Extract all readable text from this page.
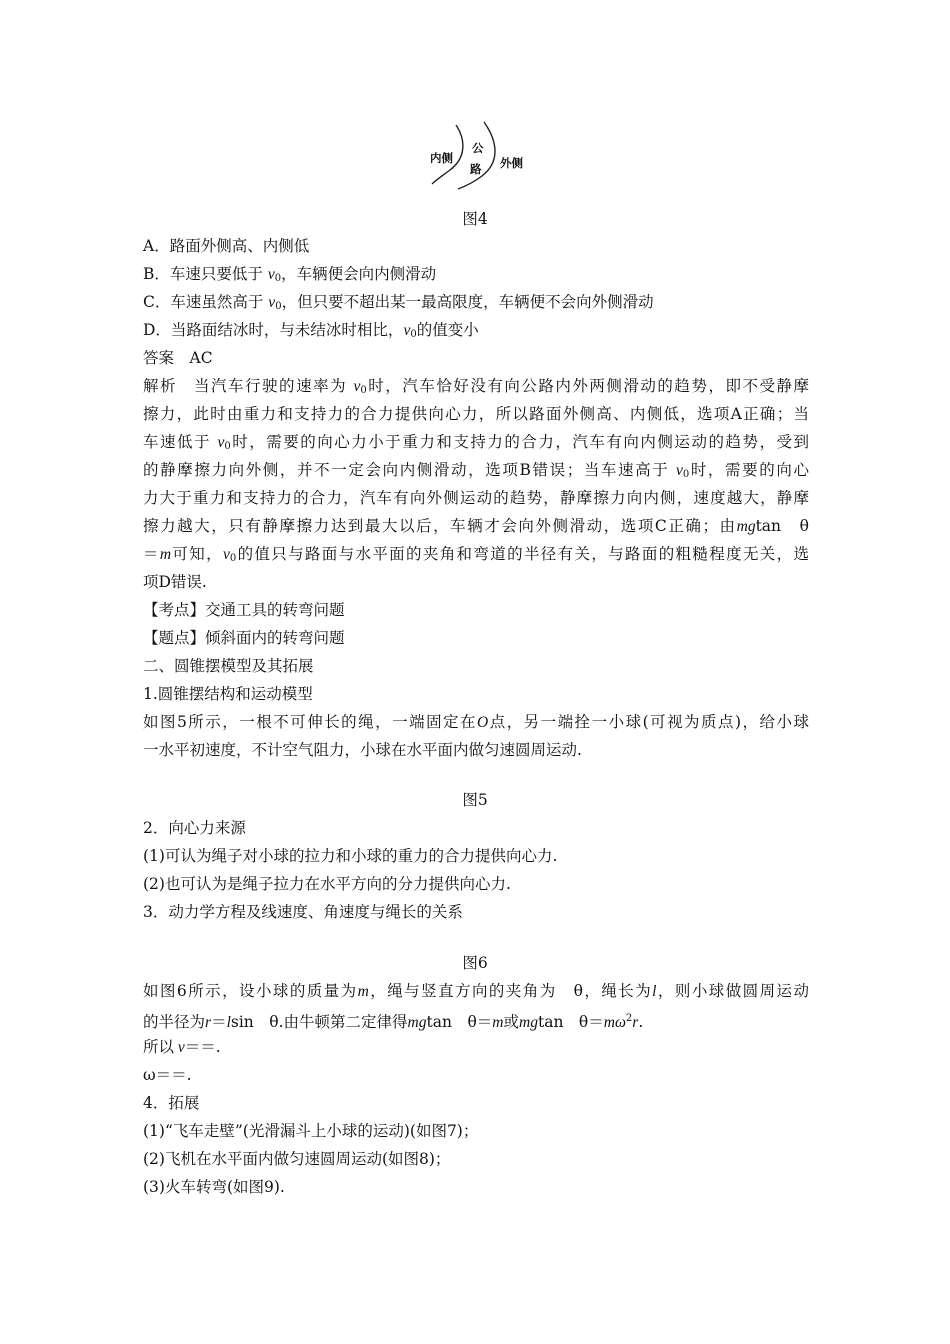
内侧
公
路 外侧
图4
A．路面外侧高、内侧低
B．车速只要低于 $v_0$，车辆便会向内侧滑动
C．车速虽然高于 $v_0$，但只要不超出某一最高限度，车辆便不会向外侧滑动
D．当路面结冰时，与未结冰时相比，$v_0$的值变小
答案　 AC
解析　当汽车行驶的速率为 $v_0$时，汽车恰好没有向公路内外两侧滑动的趋势，即不受静摩
擦力，此时由重力和支持力的合力提供向心力，所以路面外侧高、内侧低，选项A正确；当
车速低于 $v_0$时，需要的向心力小于重力和支持力的合力，汽车有向内侧运动的趋势，受到
的静摩擦力向外侧，并不一定会向内侧滑动，选项B错误；当车速高于 $v_0$时，需要的向心
力大于重力和支持力的合力，汽车有向外侧运动的趋势，静摩擦力向内侧，速度越大，静摩
擦力越大，只有静摩擦力达到最大以后，车辆才会向外侧滑动，选项C正确；由mgtan　θ
＝m可知，$v_0$的值只与路面与水平面的夹角和弯道的半径有关，与路面的粗糙程度无关，选
项D错误.
【考点】交通工具的转弯问题
【题点】倾斜面内的转弯问题
二、圆锥摆模型及其拓展
1.圆锥摆结构和运动模型
如图5所示，一根不可伸长的绳，一端固定在O点，另一端拴一小球(可视为质点)，给小球
一水平初速度，不计空气阻力，小球在水平面内做匀速圆周运动.
图5
2．向心力来源
(1)可认为绳子对小球的拉力和小球的重力的合力提供向心力.
(2)也可认为是绳子拉力在水平方向的分力提供向心力.
3．动力学方程及线速度、角速度与绳长的关系
图6
如图6所示，设小球的质量为m，绳与竖直方向的夹角为　θ，绳长为l，则小球做圆周运动
的半径为r＝lsin　θ.由牛顿第二定律得mgtan　θ＝m或mgtan　$\theta=m\omega^2r$.
所以  v＝＝.
ω＝＝.
4．拓展
(1)“飞车走壁”(光滑漏斗上小球的运动)(如图7)；
(2)飞机在水平面内做匀速圆周运动(如图8)；
(3)火车转弯(如图9).
